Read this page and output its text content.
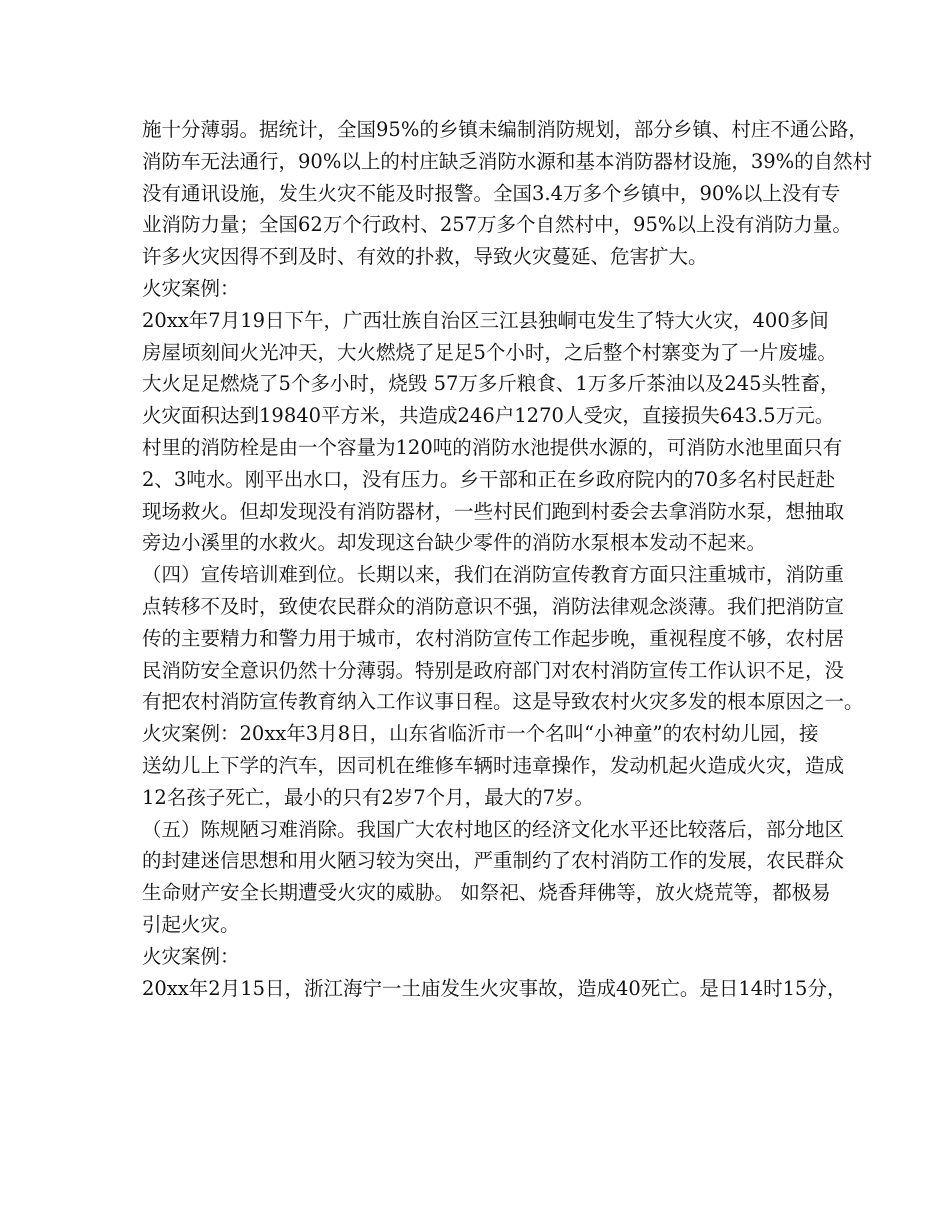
施十分薄弱。据统计，全国95%的乡镇未编制消防规划，部分乡镇、村庄不通公路，
消防车无法通行，90%以上的村庄缺乏消防水源和基本消防器材设施，39%的自然村
没有通讯设施，发生火灾不能及时报警。全国3.4万多个乡镇中，90%以上没有专
业消防力量；全国62万个行政村、257万多个自然村中，95%以上没有消防力量。
许多火灾因得不到及时、有效的扑救，导致火灾蔓延、危害扩大。
火灾案例：
20xx年7月19日下午，广西壮族自治区三江县独峒屯发生了特大火灾，400多间
房屋顷刻间火光冲天，大火燃烧了足足5个小时，之后整个村寨变为了一片废墟。
大火足足燃烧了5个多小时，烧毁 57万多斤粮食、1万多斤茶油以及245头牲畜，
火灾面积达到19840平方米，共造成246户1270人受灾，直接损失643.5万元。
村里的消防栓是由一个容量为120吨的消防水池提供水源的，可消防水池里面只有
2、3吨水。刚平出水口，没有压力。乡干部和正在乡政府院内的70多名村民赶赴
现场救火。但却发现没有消防器材，一些村民们跑到村委会去拿消防水泵，想抽取
旁边小溪里的水救火。却发现这台缺少零件的消防水泵根本发动不起来。
（四）宣传培训难到位。长期以来，我们在消防宣传教育方面只注重城市，消防重
点转移不及时，致使农民群众的消防意识不强，消防法律观念淡薄。我们把消防宣
传的主要精力和警力用于城市，农村消防宣传工作起步晚，重视程度不够，农村居
民消防安全意识仍然十分薄弱。特别是政府部门对农村消防宣传工作认识不足，没
有把农村消防宣传教育纳入工作议事日程。这是导致农村火灾多发的根本原因之一。
火灾案例：20xx年3月8日，山东省临沂市一个名叫“小神童”的农村幼儿园，接
送幼儿上下学的汽车，因司机在维修车辆时违章操作，发动机起火造成火灾，造成
12名孩子死亡，最小的只有2岁7个月，最大的7岁。
（五）陈规陋习难消除。我国广大农村地区的经济文化水平还比较落后，部分地区
的封建迷信思想和用火陋习较为突出，严重制约了农村消防工作的发展，农民群众
生命财产安全长期遭受火灾的威胁。 如祭祀、烧香拜佛等，放火烧荒等，都极易
引起火灾。
火灾案例：
20xx年2月15日，浙江海宁一土庙发生火灾事故，造成40死亡。是日14时15分，
